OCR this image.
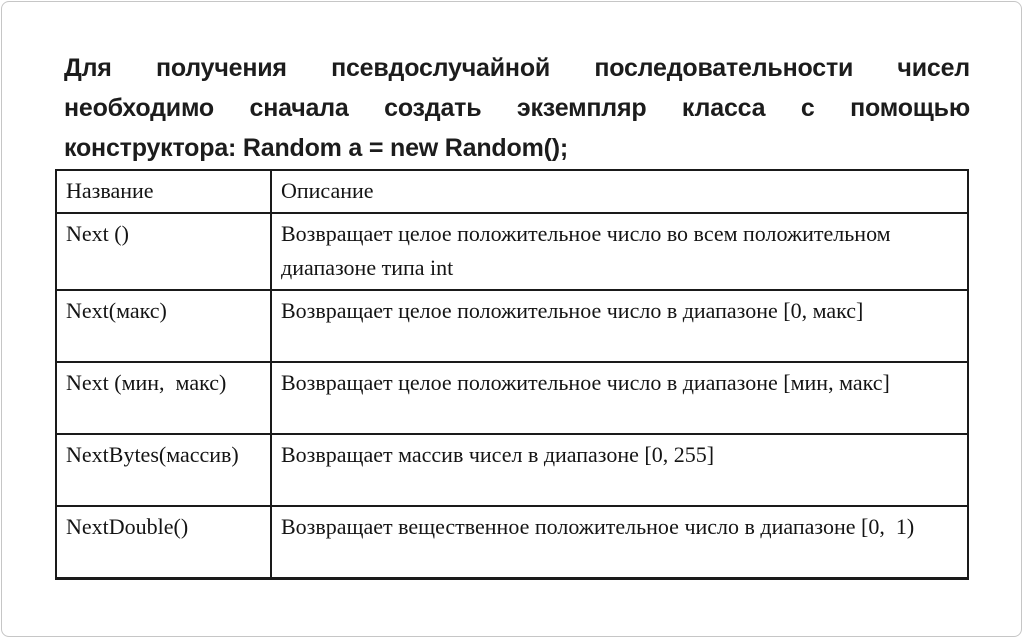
Для получения псевдослучайной последовательности чисел необходимо сначала создать экземпляр класса с помощью конструктора: Random a = new Random();

Название	Описание
Next ()	Возвращает целое положительное число во всем положительном диапазоне типа int
Next(макс)	Возвращает целое положительное число в диапазоне [0, макс]
Next (мин,  макс)	Возвращает целое положительное число в диапазоне [мин, макс]
NextBytes(массив)	Возвращает массив чисел в диапазоне [0, 255]
NextDouble()	Возвращает вещественное положительное число в диапазоне [0,  1)
